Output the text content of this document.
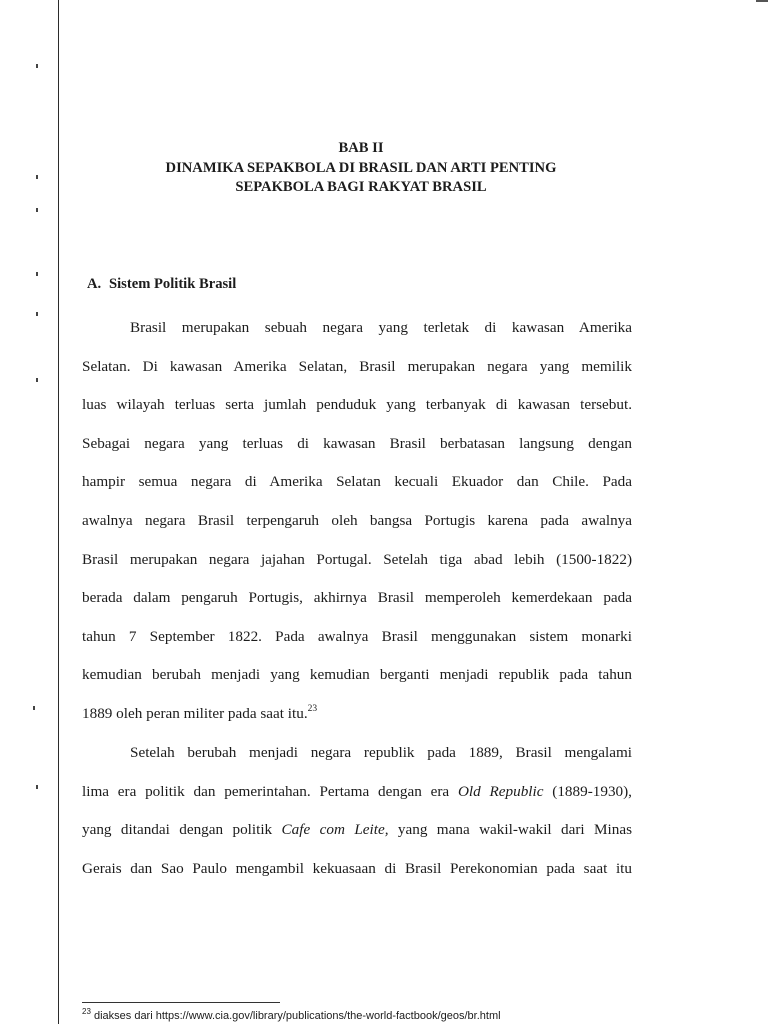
BAB II
DINAMIKA SEPAKBOLA DI BRASIL DAN ARTI PENTING
SEPAKBOLA BAGI RAKYAT BRASIL
A. Sistem Politik Brasil
Brasil merupakan sebuah negara yang terletak di kawasan Amerika
Selatan. Di kawasan Amerika Selatan, Brasil merupakan negara yang memilik
luas wilayah terluas serta jumlah penduduk yang terbanyak di kawasan tersebut.
Sebagai negara yang terluas di kawasan Brasil berbatasan langsung dengan
hampir semua negara di Amerika Selatan kecuali Ekuador dan Chile. Pada
awalnya negara Brasil terpengaruh oleh bangsa Portugis karena pada awalnya
Brasil merupakan negara jajahan Portugal. Setelah tiga abad lebih (1500-1822)
berada dalam pengaruh Portugis, akhirnya Brasil memperoleh kemerdekaan pada
tahun 7 September 1822. Pada awalnya Brasil menggunakan sistem monarki
kemudian berubah menjadi yang kemudian berganti menjadi republik pada tahun
1889 oleh peran militer pada saat itu.$^{23}$
Setelah berubah menjadi negara republik pada 1889, Brasil mengalami
lima era politik dan pemerintahan. Pertama dengan era Old Republic (1889-1930),
yang ditandai dengan politik Cafe com Leite, yang mana wakil-wakil dari Minas
Gerais dan Sao Paulo mengambil kekuasaan di Brasil Perekonomian pada saat itu
$^{23}$ diakses dari https://www.cia.gov/library/publications/the-world-factbook/geos/br.html
